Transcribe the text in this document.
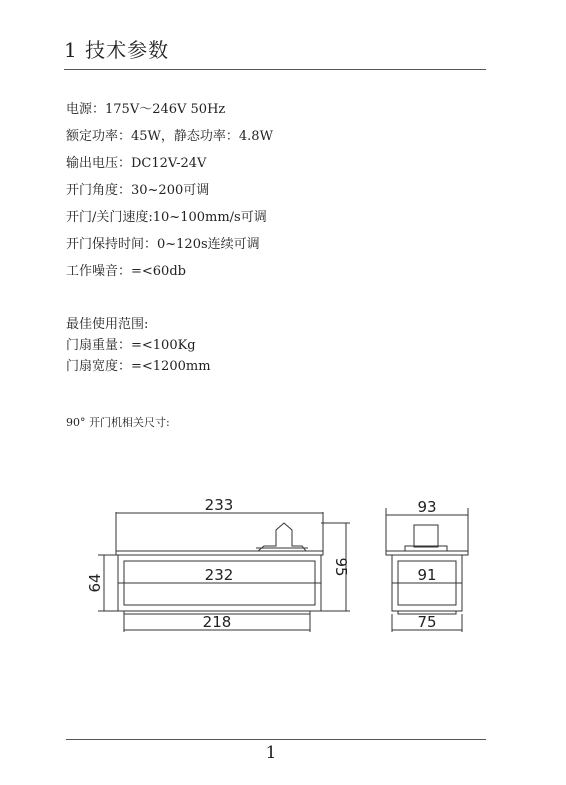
1 技术参数
电源：175V～246V 50Hz
额定功率：45W，静态功率：4.8W
输出电压：DC12V-24V
开门角度：30~200可调
开门/关门速度:10~100mm/s可调
开门保持时间：0~120s连续可调
工作噪音：=<60db
最佳使用范围:
门扇重量：=<100Kg
门扇宽度：=<1200mm
90° 开门机相关尺寸:
233
232
218
64
95
93
91
75
1
